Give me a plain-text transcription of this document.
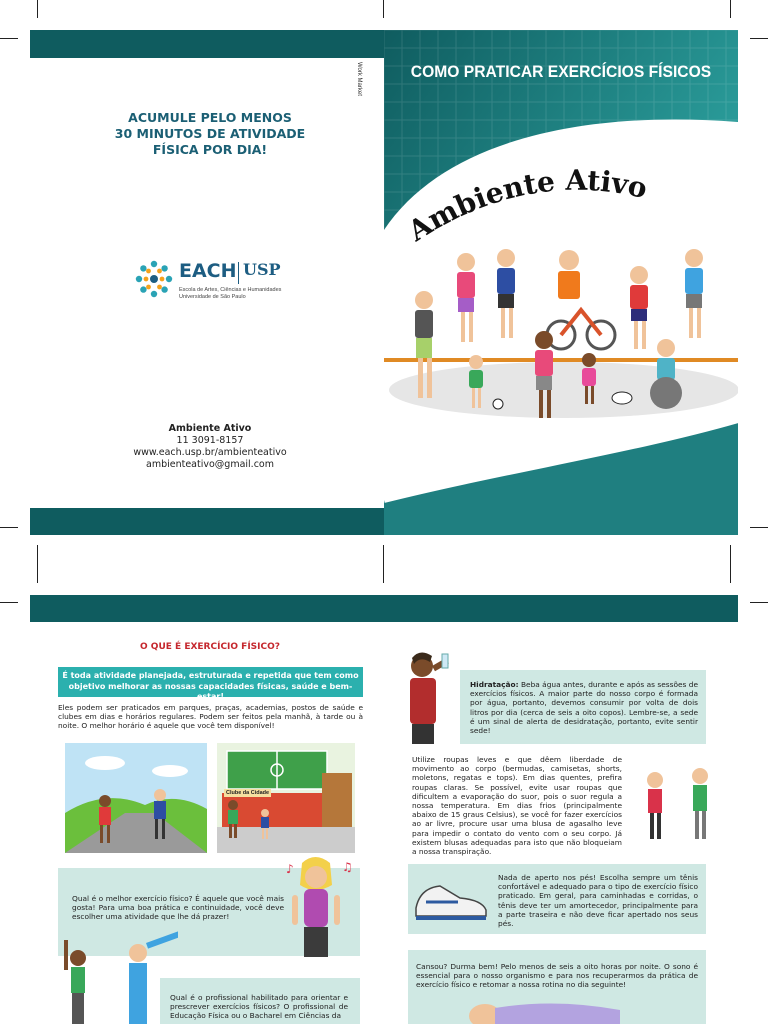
Work Market
ACUMULE PELO MENOS
30 MINUTOS DE ATIVIDADE
FÍSICA POR DIA!
EACH USP
Escola de Artes, Ciências e Humanidades
Universidade de São Paulo
Ambiente Ativo
11 3091-8157
www.each.usp.br/ambienteativo
ambienteativo@gmail.com
COMO PRATICAR EXERCÍCIOS FÍSICOS
Ambiente Ativo
O QUE É EXERCÍCIO FÍSICO?
É toda atividade planejada, estruturada e repetida que tem como objetivo melhorar as nossas capacidades físicas, saúde e bem-estar!
Eles podem ser praticados em parques, praças, academias, postos de saúde e clubes em dias e horários regulares. Podem ser feitos pela manhã, à tarde ou à noite. O melhor horário é aquele que você tem disponível!
Clube da Cidade
Qual é o melhor exercício físico? É aquele que você mais gosta! Para uma boa prática e continuidade, você deve escolher uma atividade que lhe dá prazer!
♪	♫
Qual é o profissional habilitado para orientar e prescrever exercícios físicos? O profissional de Educação Física ou o Bacharel em Ciências da
Hidratação: Beba água antes, durante e após as sessões de exercícios físicos. A maior parte do nosso corpo é formada por água, portanto, devemos consumir por volta de dois litros por dia (cerca de seis a oito copos). Lembre-se, a sede é um sinal de alerta de desidratação, portanto, evite sentir sede!
Utilize roupas leves e que dêem liberdade de movimento ao corpo (bermudas, camisetas, shorts, moletons, regatas e tops). Em dias quentes, prefira roupas claras. Se possível, evite usar roupas que dificultem a evaporação do suor, pois o suor regula a nossa temperatura. Em dias frios (principalmente abaixo de 15 graus Celsius), se você for fazer exercícios ao ar livre, procure usar uma blusa de agasalho leve para impedir o contato do vento com o seu corpo. Já existem blusas adequadas para isto que não bloqueiam a nossa transpiração.
Nada de aperto nos pés! Escolha sempre um tênis confortável e adequado para o tipo de exercício físico praticado. Em geral, para caminhadas e corridas, o tênis deve ter um amortecedor, principalmente para a parte traseira e não deve ficar apertado nos seus pés.
Cansou? Durma bem! Pelo menos de seis a oito horas por noite. O sono é essencial para o nosso organismo e para nos recuperarmos da prática de exercício físico e retomar a nossa rotina no dia seguinte!
